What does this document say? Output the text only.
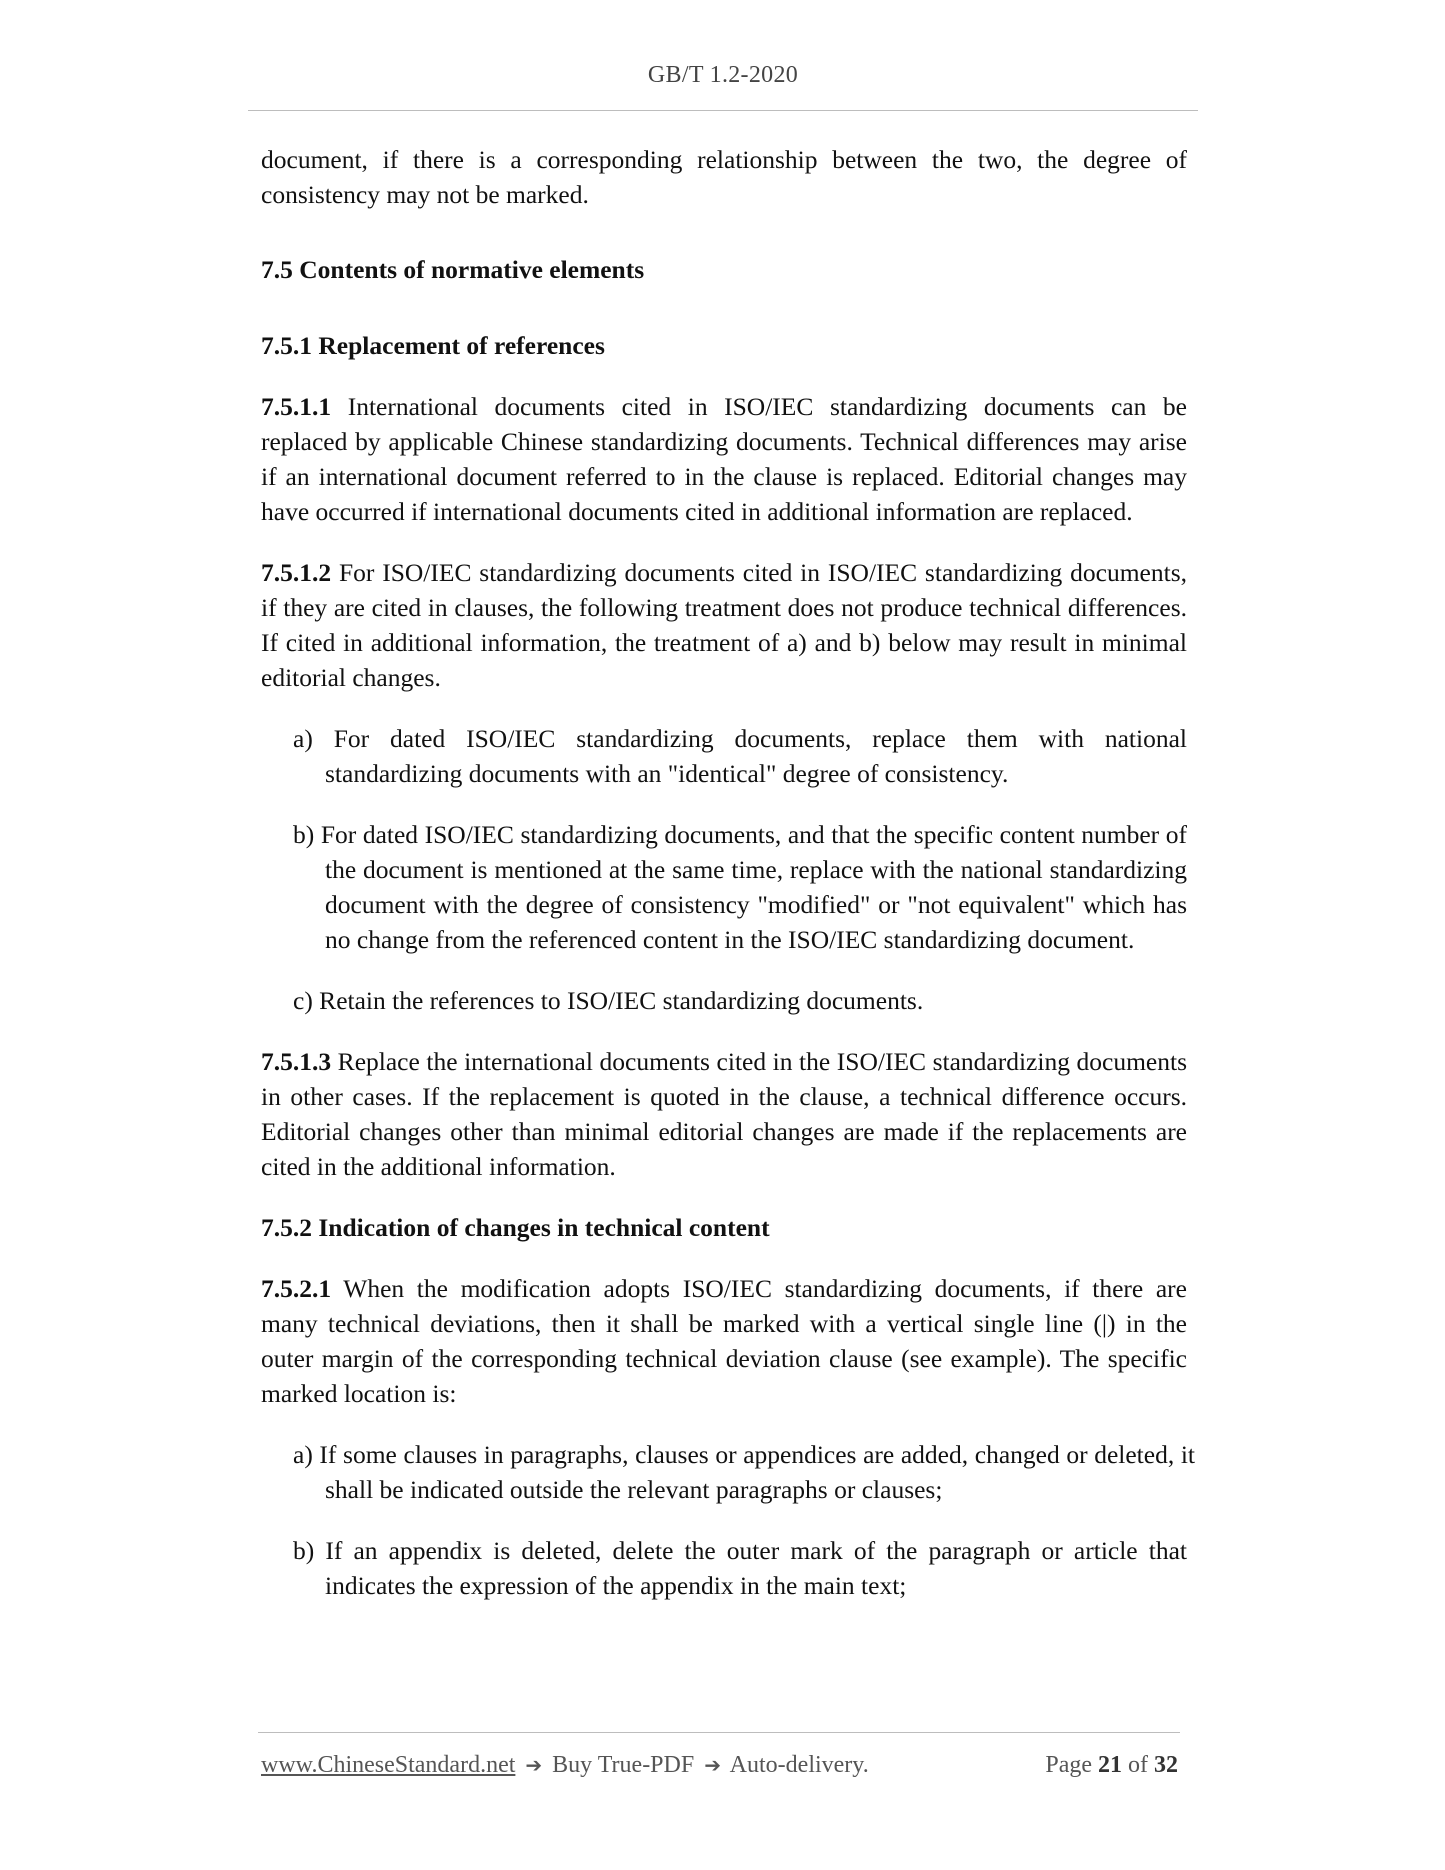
GB/T 1.2-2020

document, if there is a corresponding relationship between the two, the degree of consistency may not be marked.

7.5 Contents of normative elements
7.5.1 Replacement of references

7.5.1.1 International documents cited in ISO/IEC standardizing documents can be replaced by applicable Chinese standardizing documents. Technical differences may arise if an international document referred to in the clause is replaced. Editorial changes may have occurred if international documents cited in additional information are replaced.

7.5.1.2 For ISO/IEC standardizing documents cited in ISO/IEC standardizing documents, if they are cited in clauses, the following treatment does not produce technical differences. If cited in additional information, the treatment of a) and b) below may result in minimal editorial changes.

a) For dated ISO/IEC standardizing documents, replace them with national standardizing documents with an "identical" degree of consistency.
b) For dated ISO/IEC standardizing documents, and that the specific content number of the document is mentioned at the same time, replace with the national standardizing document with the degree of consistency "modified" or "not equivalent" which has no change from the referenced content in the ISO/IEC standardizing document.
c) Retain the references to ISO/IEC standardizing documents.

7.5.1.3 Replace the international documents cited in the ISO/IEC standardizing documents in other cases. If the replacement is quoted in the clause, a technical difference occurs. Editorial changes other than minimal editorial changes are made if the replacements are cited in the additional information.

7.5.2 Indication of changes in technical content

7.5.2.1 When the modification adopts ISO/IEC standardizing documents, if there are many technical deviations, then it shall be marked with a vertical single line (|) in the outer margin of the corresponding technical deviation clause (see example). The specific marked location is:

a) If some clauses in paragraphs, clauses or appendices are added, changed or deleted, it shall be indicated outside the relevant paragraphs or clauses;
b) If an appendix is deleted, delete the outer mark of the paragraph or article that indicates the expression of the appendix in the main text;
www.ChineseStandard.net ➔ Buy True-PDF ➔ Auto-delivery.	Page 21 of 32
